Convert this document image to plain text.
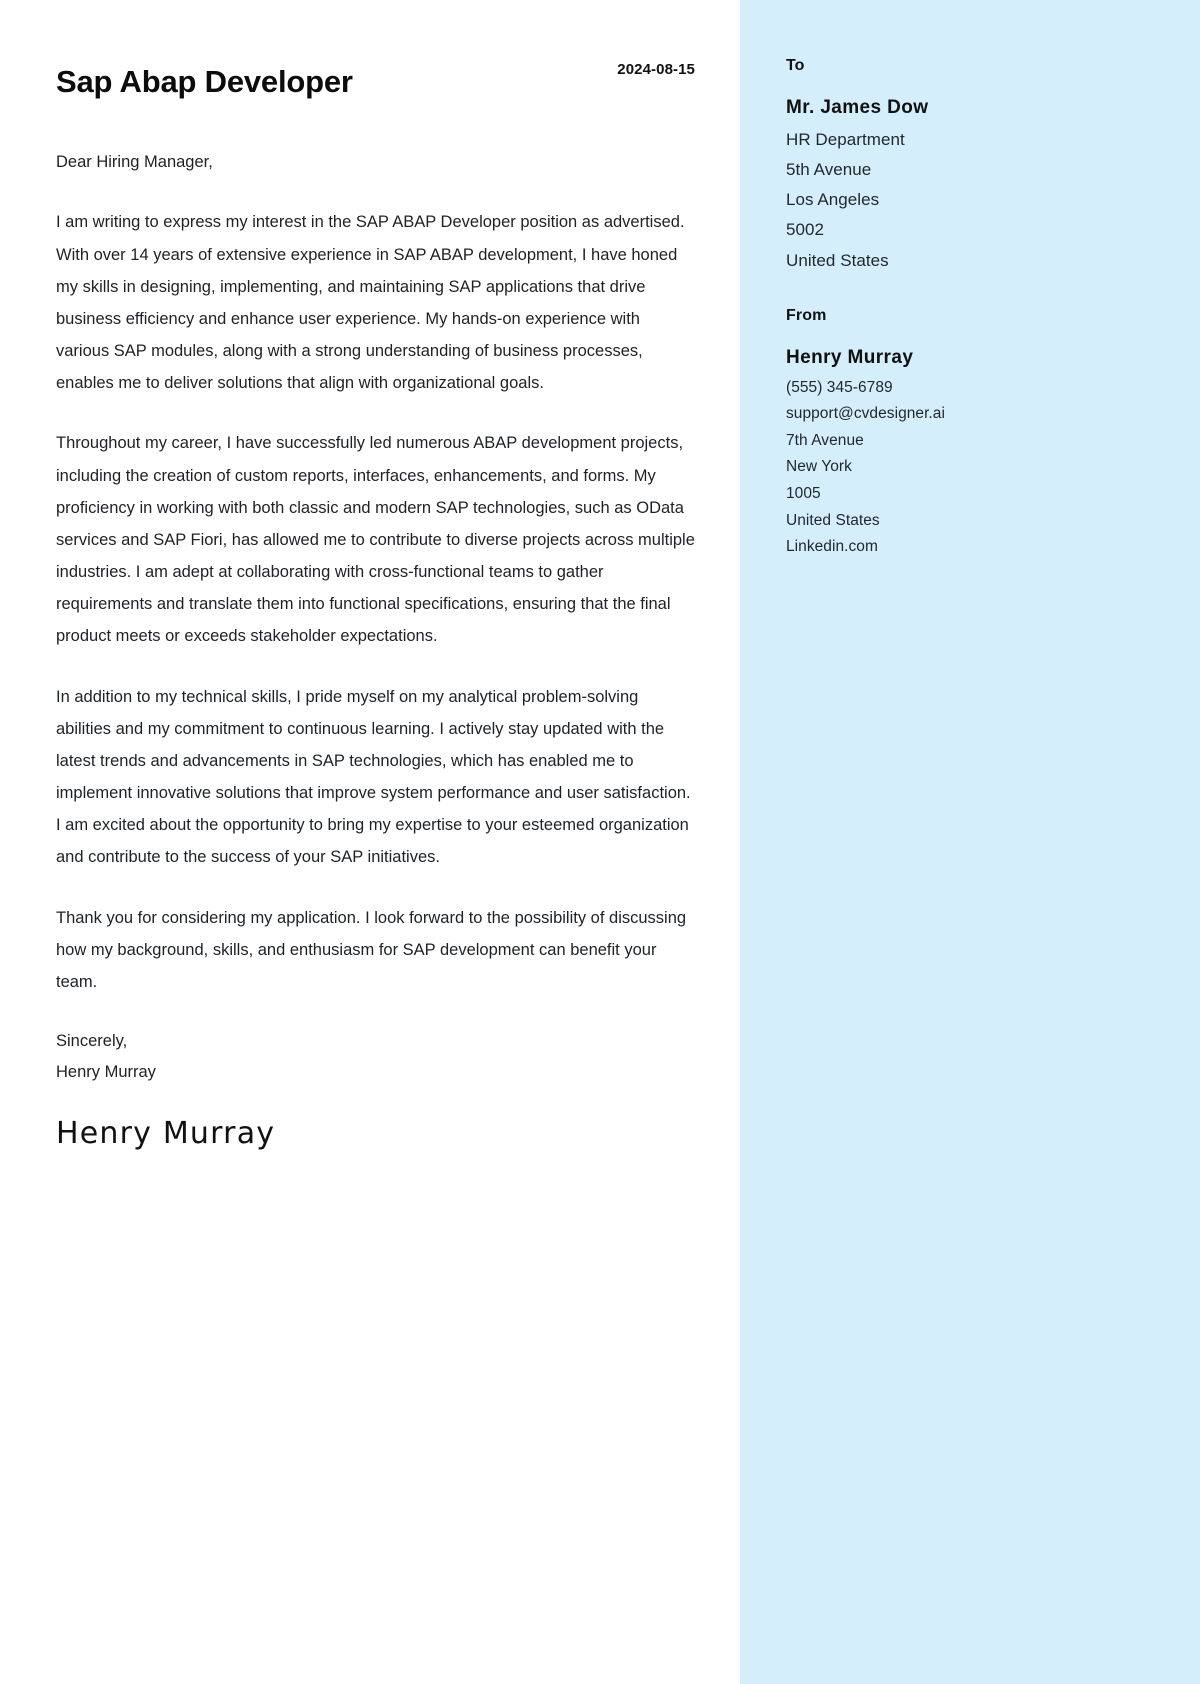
Sap Abap Developer	2024-08-15

Dear Hiring Manager,

I am writing to express my interest in the SAP ABAP Developer position as advertised. With over 14 years of extensive experience in SAP ABAP development, I have honed my skills in designing, implementing, and maintaining SAP applications that drive business efficiency and enhance user experience. My hands-on experience with various SAP modules, along with a strong understanding of business processes, enables me to deliver solutions that align with organizational goals.

Throughout my career, I have successfully led numerous ABAP development projects, including the creation of custom reports, interfaces, enhancements, and forms. My proficiency in working with both classic and modern SAP technologies, such as OData services and SAP Fiori, has allowed me to contribute to diverse projects across multiple industries. I am adept at collaborating with cross-functional teams to gather requirements and translate them into functional specifications, ensuring that the final product meets or exceeds stakeholder expectations.

In addition to my technical skills, I pride myself on my analytical problem-solving abilities and my commitment to continuous learning. I actively stay updated with the latest trends and advancements in SAP technologies, which has enabled me to implement innovative solutions that improve system performance and user satisfaction. I am excited about the opportunity to bring my expertise to your esteemed organization and contribute to the success of your SAP initiatives.

Thank you for considering my application. I look forward to the possibility of discussing how my background, skills, and enthusiasm for SAP development can benefit your team.

Sincerely,
Henry Murray
Henry Murray
To
Mr. James Dow
HR Department
5th Avenue
Los Angeles
5002
United States
From
Henry Murray
(555) 345-6789
support@cvdesigner.ai
7th Avenue
New York
1005
United States
Linkedin.com
